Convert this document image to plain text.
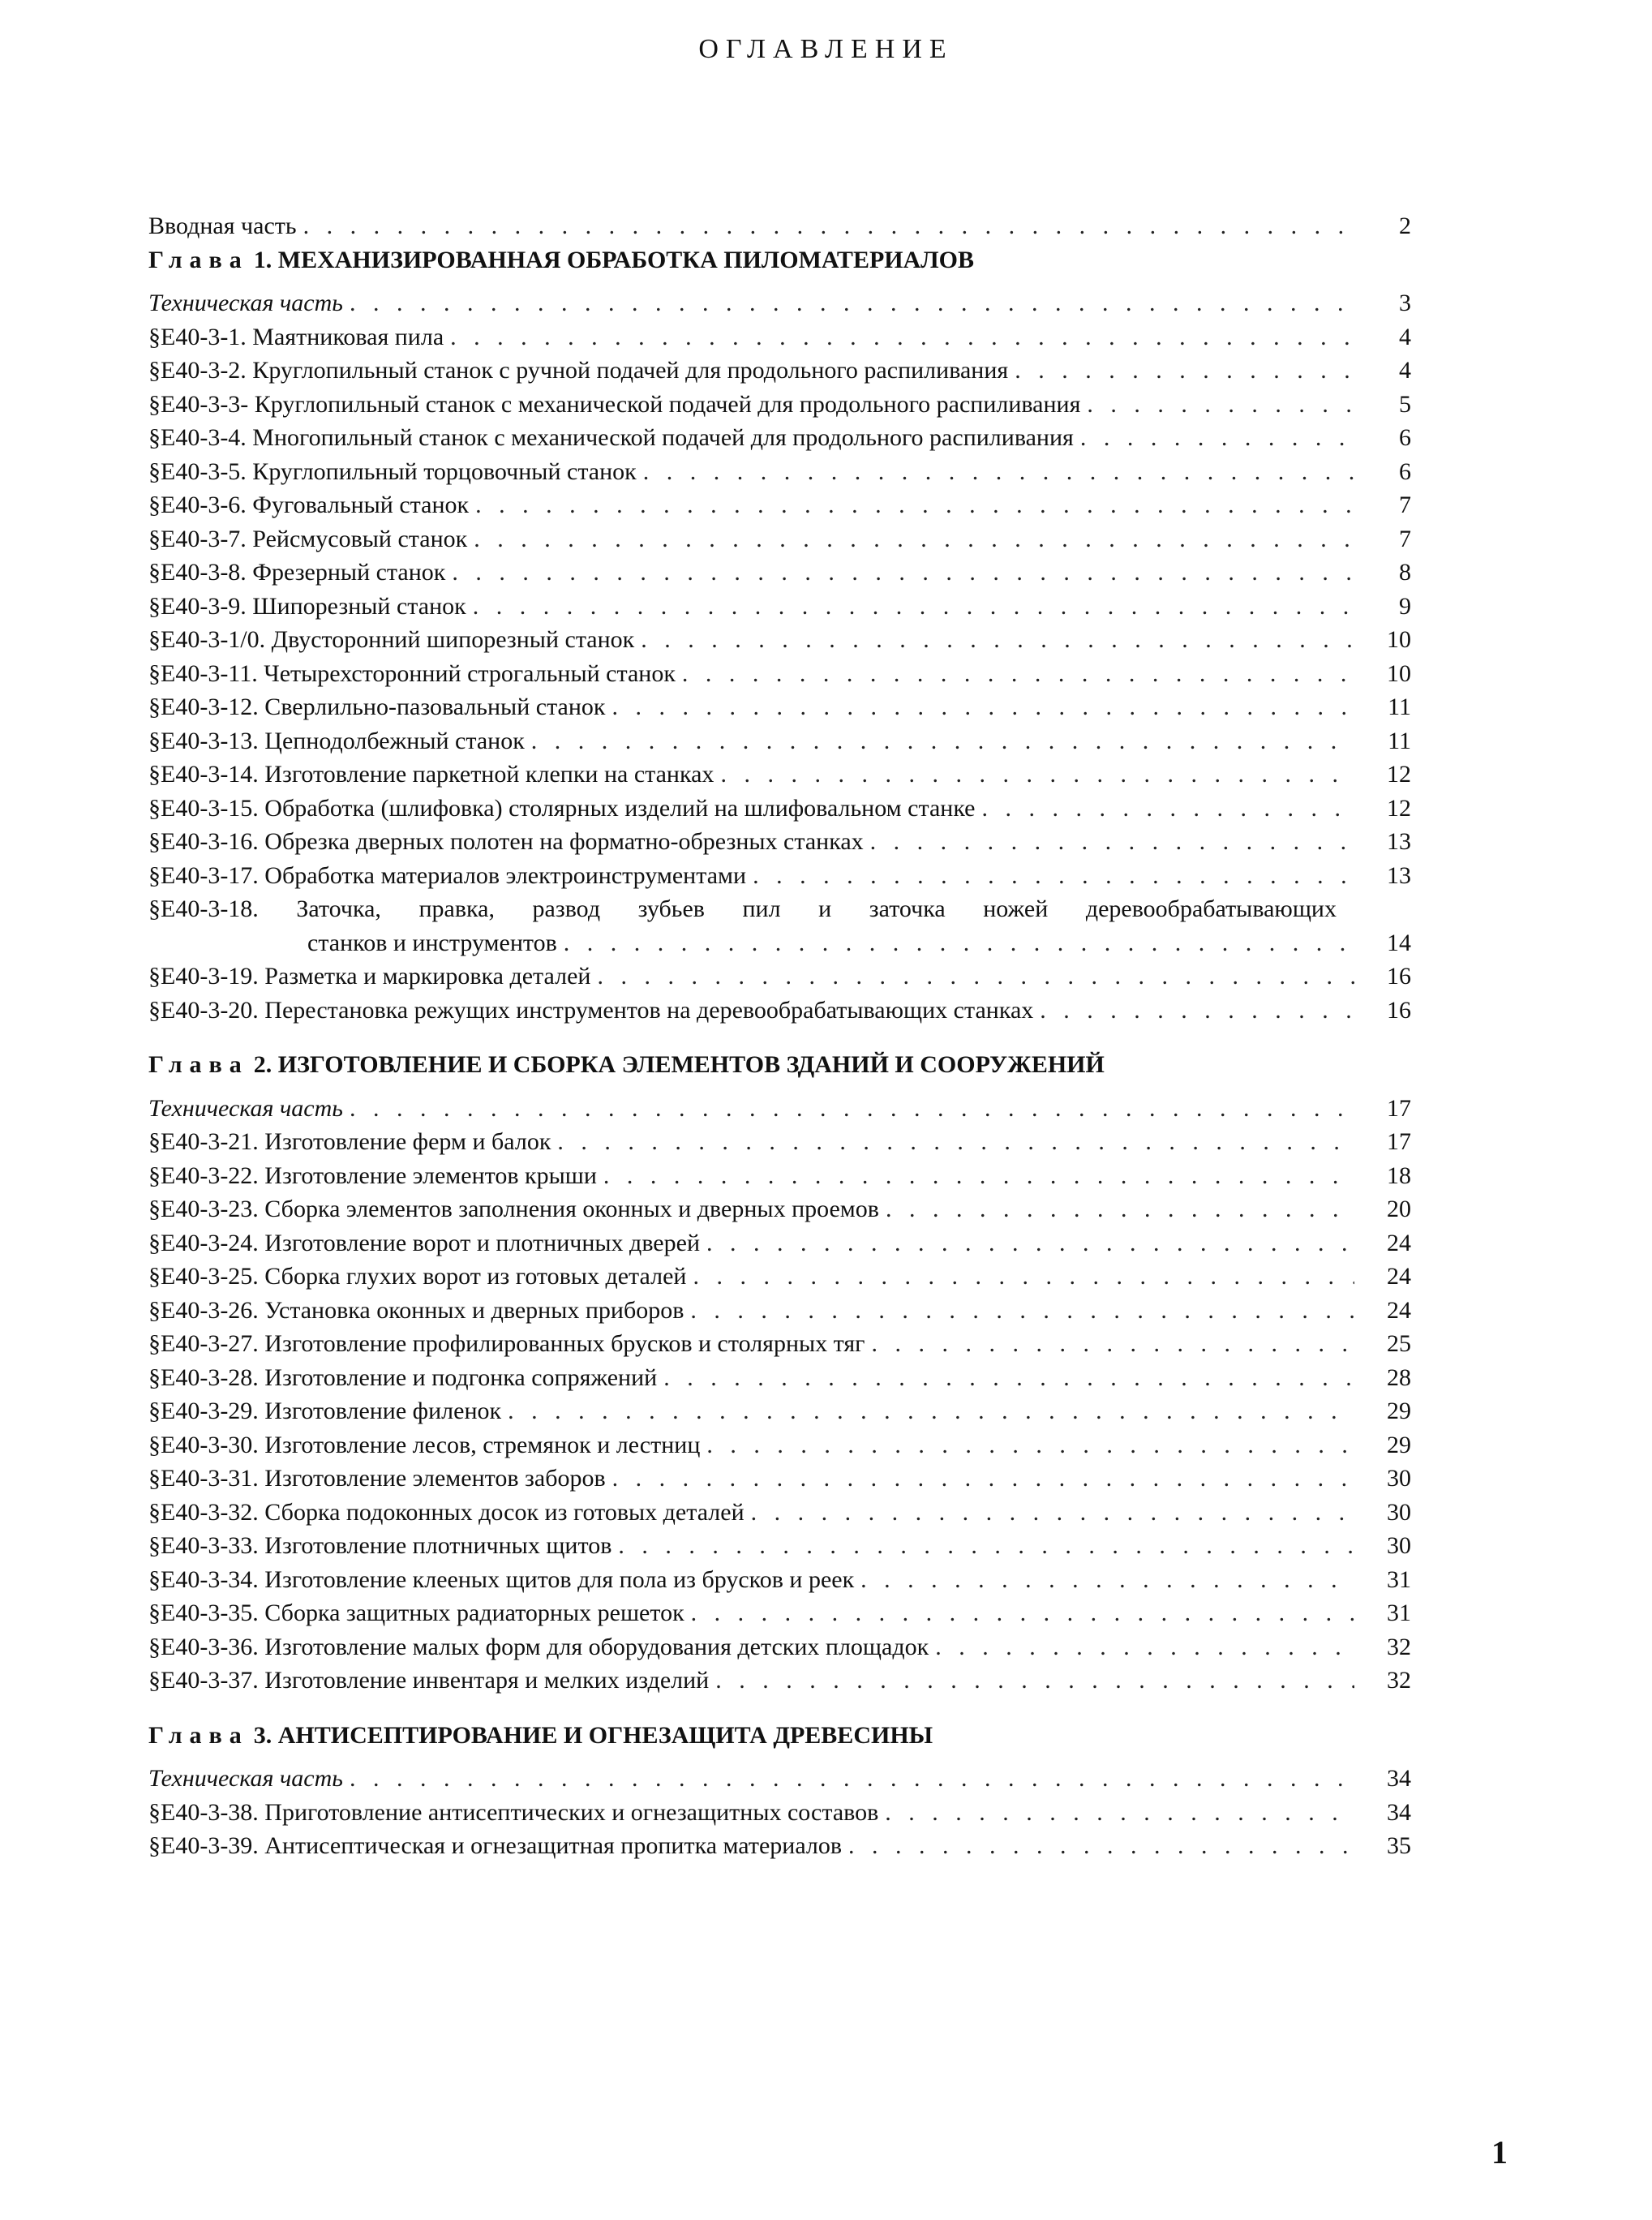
ОГЛАВЛЕНИЕ
Вводная часть . . .	2
Глава 1. МЕХАНИЗИРОВАННАЯ ОБРАБОТКА ПИЛОМАТЕРИАЛОВ
Техническая часть . . .	3
§Е40-3-1. Маятниковая пила . . .	4
§Е40-3-2. Круглопильный станок с ручной подачей для продольного распиливания . . .	4
§Е40-3-3- Круглопильный станок с механической подачей для продольного распиливания . . .	5
§Е40-3-4. Многопильный станок с механической подачей для продольного распиливания . . .	6
§Е40-3-5. Круглопильный торцовочный станок . . .	6
§Е40-3-6. Фуговальный станок . . .	7
§Е40-3-7. Рейсмусовый станок . . .	7
§Е40-3-8. Фрезерный станок . . .	8
§Е40-3-9. Шипорезный станок . . .	9
§Е40-3-1/0. Двусторонний шипорезный станок . . .	10
§Е40-3-11. Четырехсторонний строгальный станок . . .	10
§Е40-3-12. Сверлильно-пазовальный станок . . .	11
§Е40-3-13. Цепнодолбежный станок . . .	11
§Е40-3-14. Изготовление паркетной клепки на станках . . .	12
§Е40-3-15. Обработка (шлифовка) столярных изделий на шлифовальном станке . . .	12
§Е40-3-16. Обрезка дверных полотен на форматно-обрезных станках . . .	13
§Е40-3-17. Обработка материалов электроинструментами . . .	13
§Е40-3-18. Заточка, правка, развод зубьев пил и заточка ножей деревообрабатывающих
станков и инструментов . . .	14
§Е40-3-19. Разметка и маркировка деталей . . .	16
§Е40-3-20. Перестановка режущих инструментов на деревообрабатывающих станках . . .	16
Глава 2. ИЗГОТОВЛЕНИЕ И СБОРКА ЭЛЕМЕНТОВ ЗДАНИЙ И СООРУЖЕНИЙ
Техническая часть . . .	17
§Е40-3-21. Изготовление ферм и балок . . .	17
§Е40-3-22. Изготовление элементов крыши . . .	18
§Е40-3-23. Сборка элементов заполнения оконных и дверных проемов . . .	20
§Е40-3-24. Изготовление ворот и плотничных дверей . . .	24
§Е40-3-25. Сборка глухих ворот из готовых деталей . . .	24
§Е40-3-26. Установка оконных и дверных приборов . . .	24
§Е40-3-27. Изготовление профилированных брусков и столярных тяг . . .	25
§Е40-3-28. Изготовление и подгонка сопряжений . . .	28
§Е40-3-29. Изготовление филенок . . .	29
§Е40-3-30. Изготовление лесов, стремянок и лестниц . . .	29
§Е40-3-31. Изготовление элементов заборов . . .	30
§Е40-3-32. Сборка подоконных досок из готовых деталей . . .	30
§Е40-3-33. Изготовление плотничных щитов . . .	30
§Е40-3-34. Изготовление клееных щитов для пола из брусков и реек . . .	31
§Е40-3-35. Сборка защитных радиаторных решеток . . .	31
§Е40-3-36. Изготовление малых форм для оборудования детских площадок . . .	32
§Е40-3-37. Изготовление инвентаря и мелких изделий . . .	32
Глава 3. АНТИСЕПТИРОВАНИЕ И ОГНЕЗАЩИТА ДРЕВЕСИНЫ
Техническая часть . . .	34
§Е40-3-38. Приготовление антисептических и огнезащитных составов . . .	34
§Е40-3-39. Антисептическая и огнезащитная пропитка материалов . . .	35
1
